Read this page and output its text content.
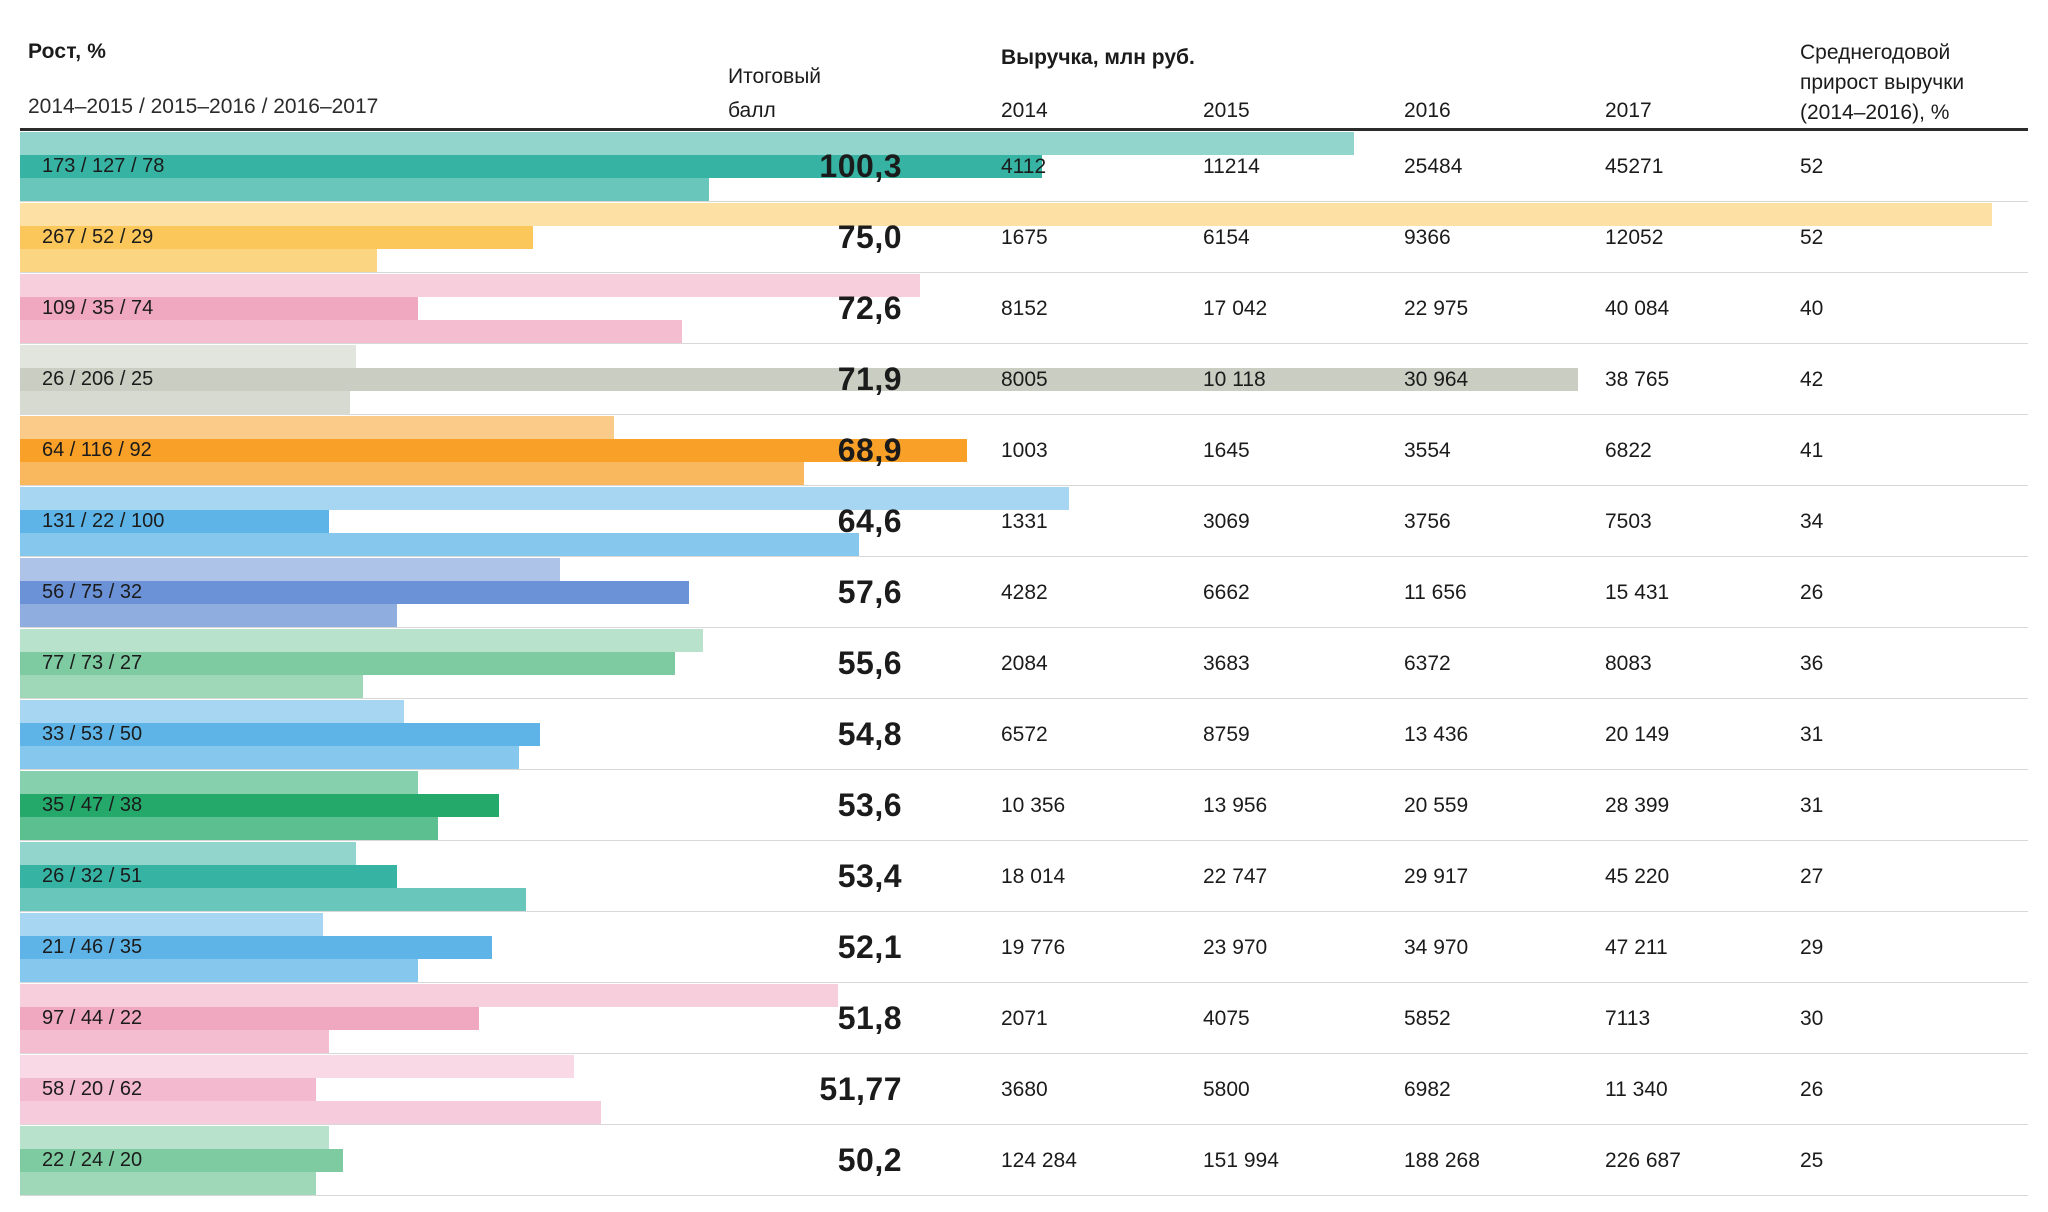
Рост, %
2014–2015 / 2015–2016 / 2016–2017
Итоговый
балл
Выручка, млн руб.
2014	2015	2016	2017
Среднегодовой
прирост выручки
(2014–2016), %
173 / 127 / 78	100,3	4112	11214	25484	45271	52
267 / 52 / 29	75,0	1675	6154	9366	12052	52
109 / 35 / 74	72,6	8152	17 042	22 975	40 084	40
26 / 206 / 25	71,9	8005	10 118	30 964	38 765	42
64 / 116 / 92	68,9	1003	1645	3554	6822	41
131 / 22 / 100	64,6	1331	3069	3756	7503	34
56 / 75 / 32	57,6	4282	6662	11 656	15 431	26
77 / 73 / 27	55,6	2084	3683	6372	8083	36
33 / 53 / 50	54,8	6572	8759	13 436	20 149	31
35 / 47 / 38	53,6	10 356	13 956	20 559	28 399	31
26 / 32 / 51	53,4	18 014	22 747	29 917	45 220	27
21 / 46 / 35	52,1	19 776	23 970	34 970	47 211	29
97 / 44 / 22	51,8	2071	4075	5852	7113	30
58 / 20 / 62	51,77	3680	5800	6982	11 340	26
22 / 24 / 20	50,2	124 284	151 994	188 268	226 687	25
